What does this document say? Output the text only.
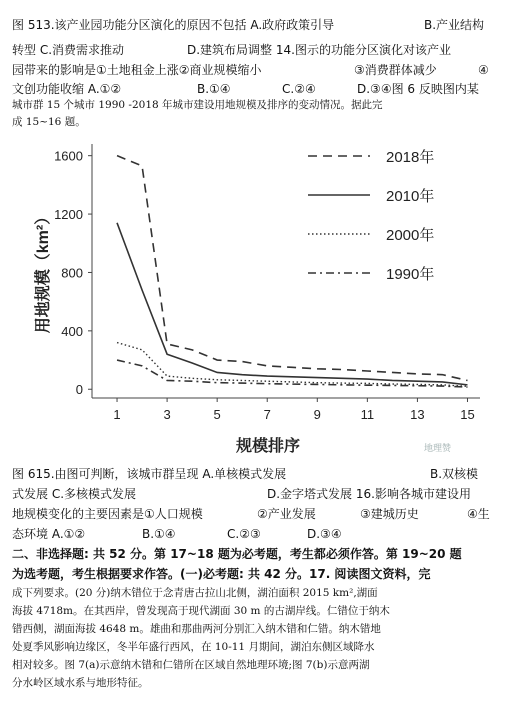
图 513.该产业园功能分区演化的原因不包括 A.政府政策引导	B.产业结构
转型 C.消费需求推动	D.建筑布局调整 14.图示的功能分区演化对该产业
园带来的影响是①土地租金上涨②商业规模缩小	③消费群体减少	④
文创功能收缩 A.①②	B.①④	C.②④	D.③④图 6 反映图内某
城市群 15 个城市 1990 -2018 年城市建设用地规模及排序的变动情况。据此完
成 15~16 题。
2018年
2010年
2000年
1990年
0
400
800
1200
1600
1	3	5	7	9	11	13	15
规模排序
用地规模（km²）
地理赞
图 615.由图可判断，该城市群呈现 A.单核模式发展	B.双核模
式发展 C.多核模式发展	D.金字塔式发展 16.影响各城市建设用
地规模变化的主要因素是①人口规模	②产业发展	③建城历史	④生
态环境 A.①②	B.①④	C.②③	D.③④
二、非选择题: 共 52 分。第 17~18 题为必考题，考生都必须作答。第 19~20 题
为选考题，考生根据要求作答。(一)必考题: 共 42 分。17. 阅读图文资料，完
成下列要求。(20 分)纳木错位于念青唐古拉山北侧，湖泊面积 2015 km²,湖面
海拔 4718m。在其西岸，曾发现高于现代湖面 30 m 的古湖岸线。仁错位于纳木
错西侧，湖面海拔 4648 m。雄曲和那曲两河分别汇入纳木错和仁错。纳木错地
处夏季风影响边缘区，冬半年盛行西风，在 10-11 月期间，湖泊东侧区域降水
相对较多。图 7(a)示意纳木错和仁错所在区域自然地理环境;图 7(b)示意两湖
分水岭区域水系与地形特征。
